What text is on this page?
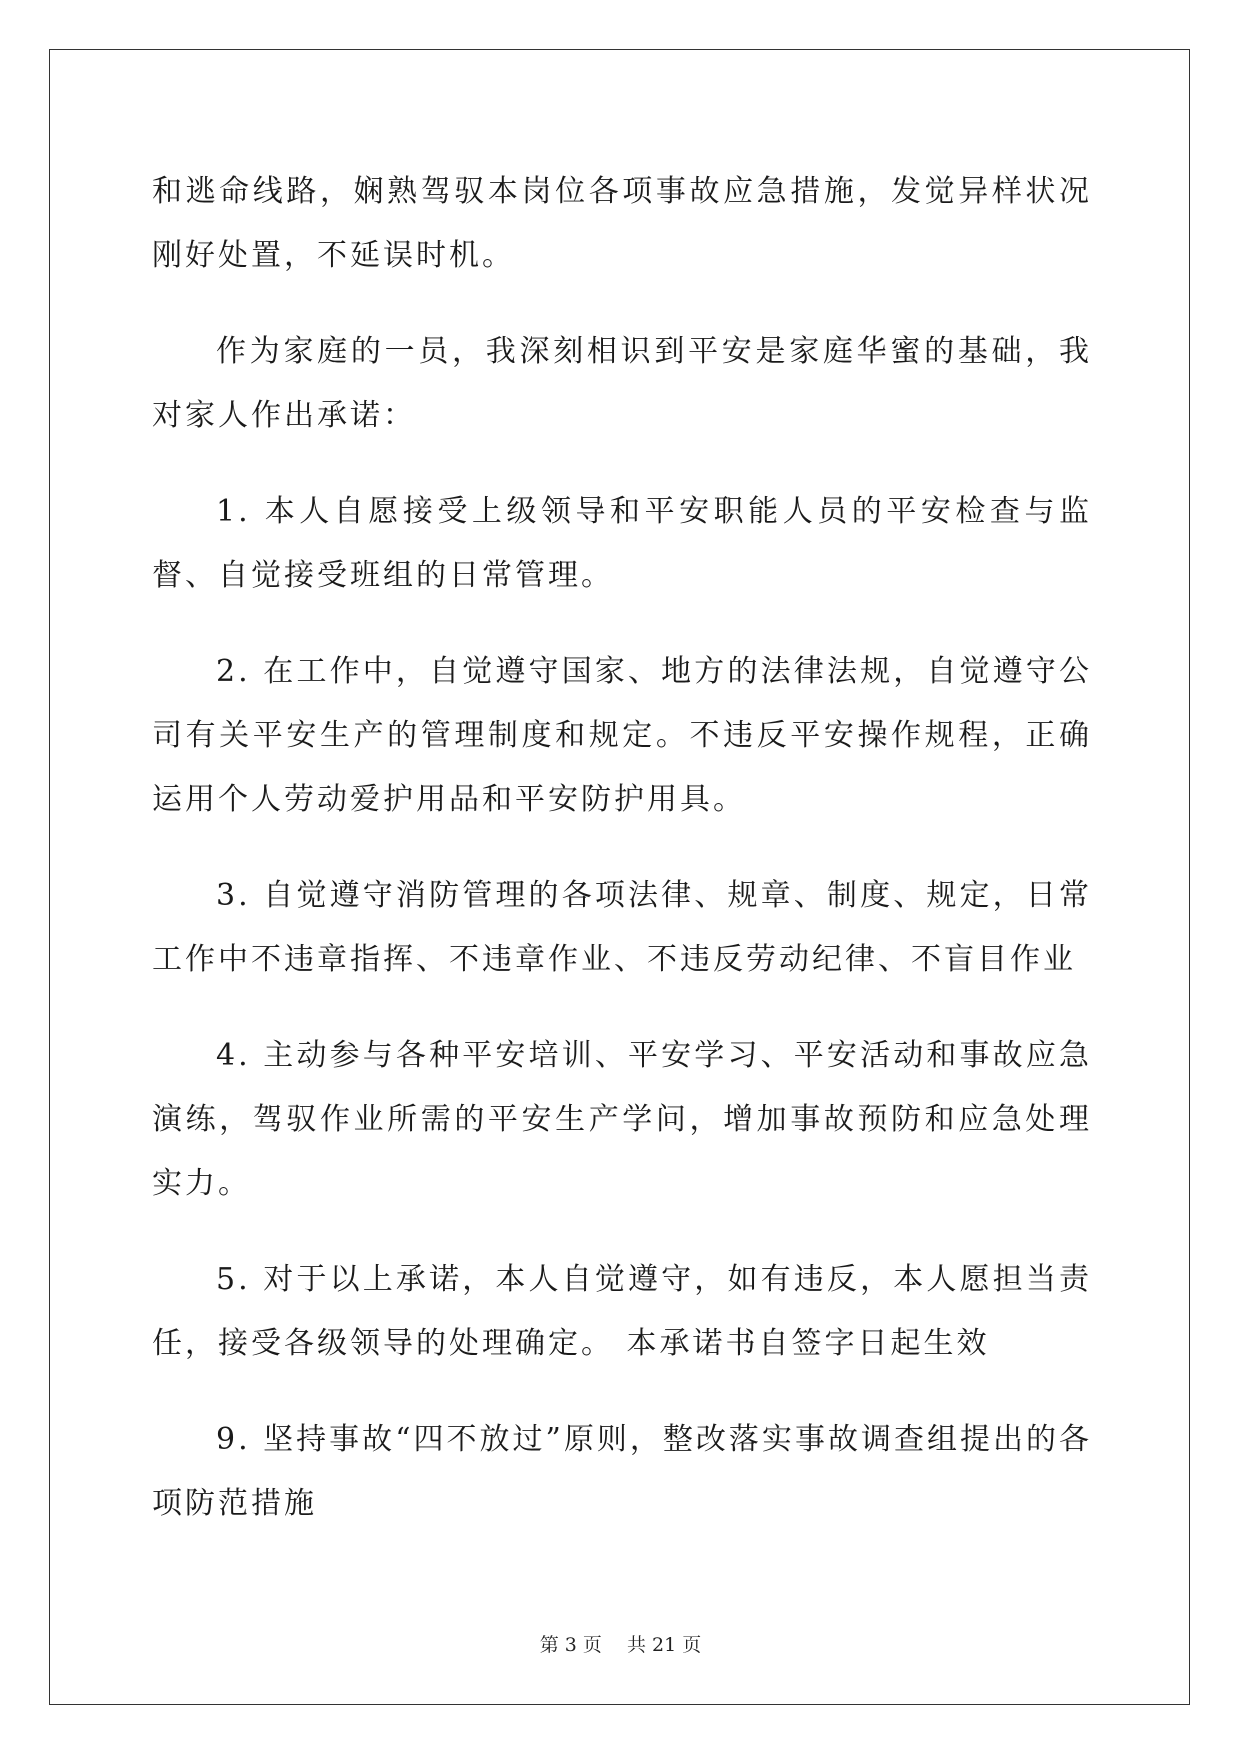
和逃命线路，娴熟驾驭本岗位各项事故应急措施，发觉异样状况刚好处置，不延误时机。

作为家庭的一员，我深刻相识到平安是家庭华蜜的基础，我对家人作出承诺：

1. 本人自愿接受上级领导和平安职能人员的平安检查与监督、自觉接受班组的日常管理。

2. 在工作中，自觉遵守国家、地方的法律法规，自觉遵守公司有关平安生产的管理制度和规定。不违反平安操作规程，正确运用个人劳动爱护用品和平安防护用具。

3. 自觉遵守消防管理的各项法律、规章、制度、规定，日常工作中不违章指挥、不违章作业、不违反劳动纪律、不盲目作业

4. 主动参与各种平安培训、平安学习、平安活动和事故应急演练，驾驭作业所需的平安生产学问，增加事故预防和应急处理实力。

5. 对于以上承诺，本人自觉遵守，如有违反，本人愿担当责任，接受各级领导的处理确定。 本承诺书自签字日起生效

9. 坚持事故“四不放过”原则，整改落实事故调查组提出的各项防范措施

第 3 页　 共 21 页
